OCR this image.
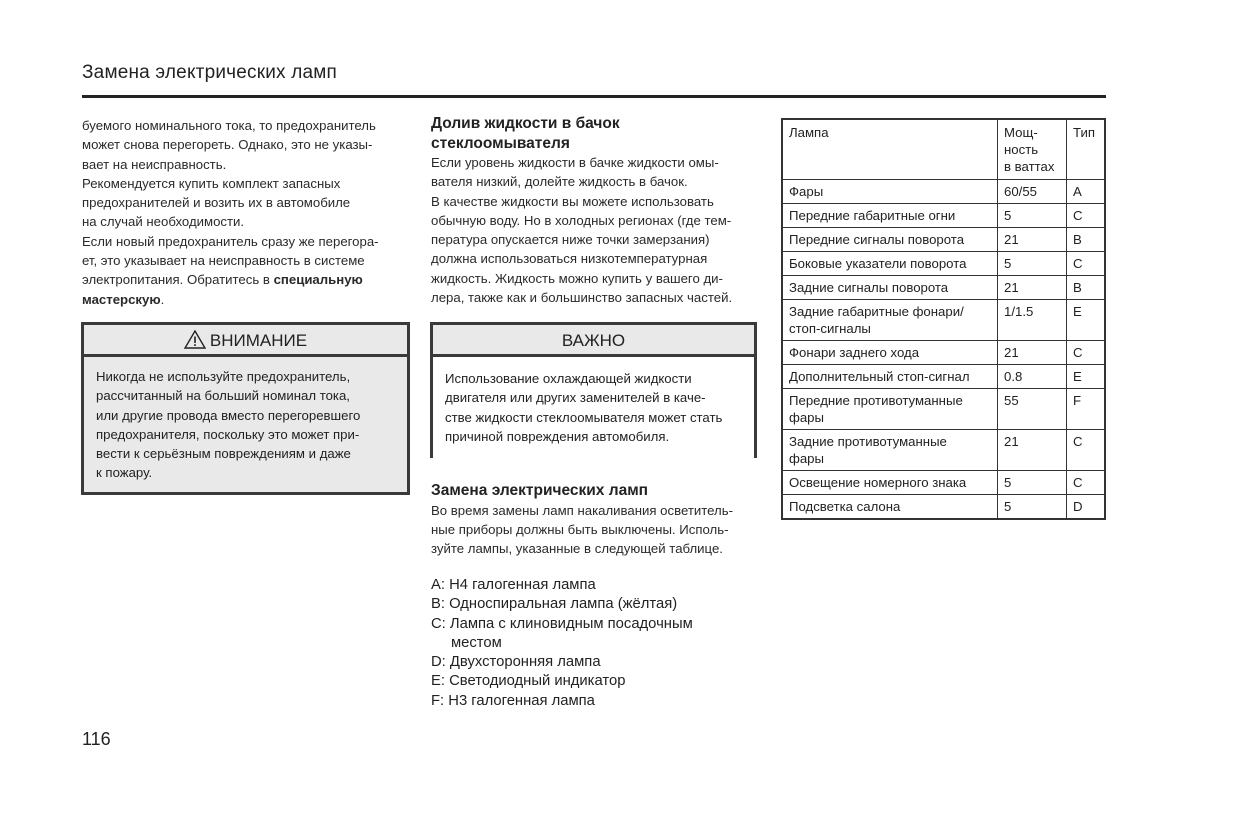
Замена электрических ламп
буемого номинального тока, то предохранитель
может снова перегореть. Однако, это не указы-
вает на неисправность.
Рекомендуется купить комплект запасных
предохранителей и возить их в автомобиле
на случай необходимости.
Если новый предохранитель сразу же перегора-
ет, это указывает на неисправность в системе
электропитания. Обратитесь в специальную
мастерскую.
ВНИМАНИЕ
Никогда не используйте предохранитель,
рассчитанный на больший номинал тока,
или другие провода вместо перегоревшего
предохранителя, поскольку это может при-
вести к серьёзным повреждениям и даже
к пожару.
Долив жидкости в бачок
стеклоомывателя
Если уровень жидкости в бачке жидкости омы-
вателя низкий, долейте жидкость в бачок.
В качестве жидкости вы можете использовать
обычную воду. Но в холодных регионах (где тем-
пература опускается ниже точки замерзания)
должна использоваться низкотемпературная
жидкость. Жидкость можно купить у вашего ди-
лера, также как и большинство запасных частей.
ВАЖНО
Использование охлаждающей жидкости
двигателя или других заменителей в каче-
стве жидкости стеклоомывателя может стать
причиной повреждения автомобиля.
Замена электрических ламп
Во время замены ламп накаливания осветитель-
ные приборы должны быть выключены. Исполь-
зуйте лампы, указанные в следующей таблице.
A: H4 галогенная лампа
B: Односпиральная лампа (жёлтая)
C: Лампа с клиновидным посадочным
местом
D: Двухсторонняя лампа
E: Светодиодный индикатор
F: H3 галогенная лампа
Лампа	Мощ-
ность
в ваттах	Тип

Фары	60/55	A

Передние габаритные огни	5	C

Передние сигналы поворота	21	B

Боковые указатели поворота	5	C

Задние сигналы поворота	21	B

Задние габаритные фонари/
стоп-сигналы	1/1.5	E

Фонари заднего хода	21	C

Дополнительный стоп-сигнал	0.8	E

Передние противотуманные
фары	55	F

Задние противотуманные
фары	21	C

Освещение номерного знака	5	C

Подсветка салона	5	D
116
